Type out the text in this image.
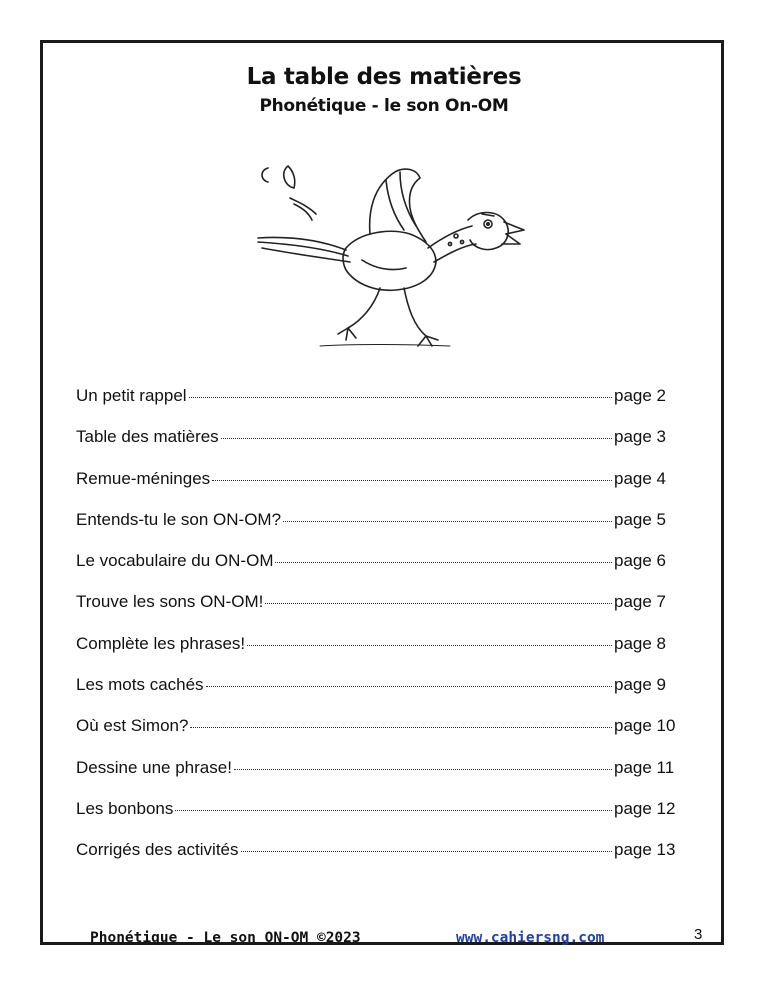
La table des matières
Phonétique - le son On-OM
Un petit rappel	page 2
Table des matières	page 3
Remue-méninges	page 4
Entends-tu le son ON-OM?	page 5
Le vocabulaire du ON-OM	page 6
Trouve les sons ON-OM!	page 7
Complète les phrases!	page 8
Les mots cachés	page 9
Où est Simon?	page 10
Dessine une phrase!	page 11
Les bonbons	page 12
Corrigés des activités	page 13
Phonétique - Le son ON-OM ©2023	www.cahiersng.com	3
